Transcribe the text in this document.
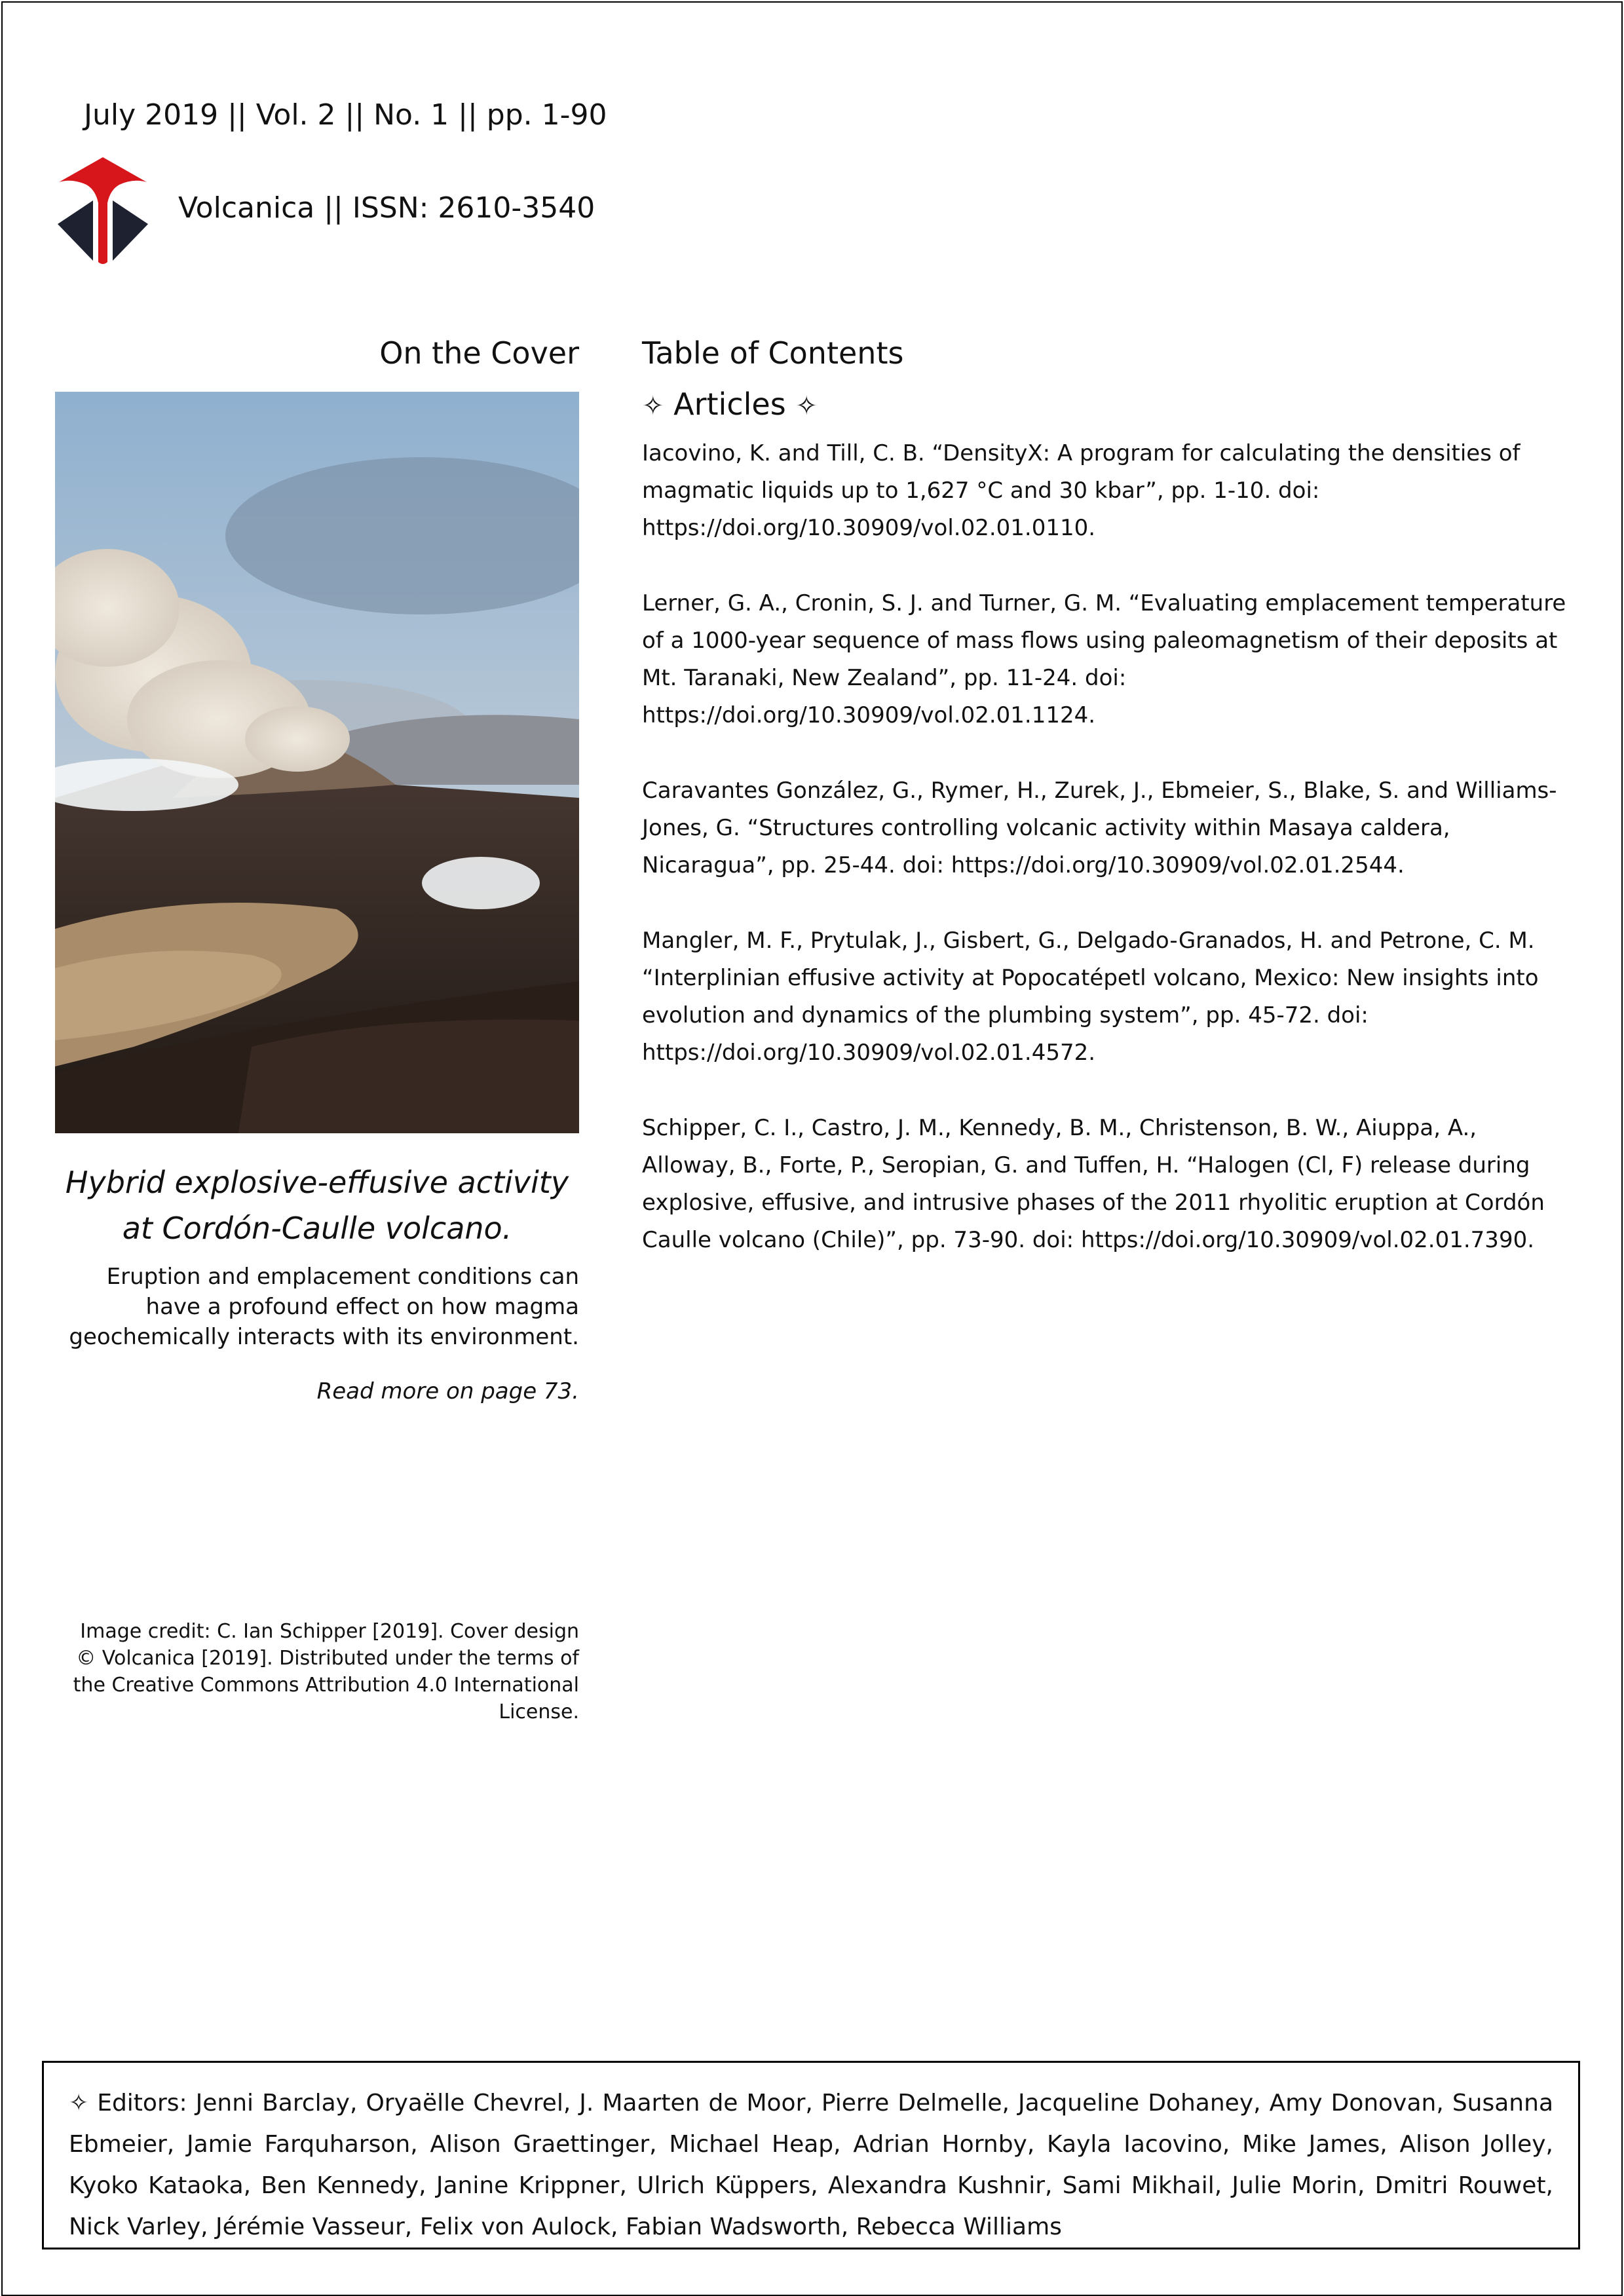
July 2019 || Vol. 2 || No. 1 || pp. 1-90
Volcanica || ISSN: 2610-3540
On the Cover
Hybrid explosive-effusive activity at Cordón-Caulle volcano.
Eruption and emplacement conditions can have a profound effect on how magma geochemically interacts with its environment.
Read more on page 73.
Image credit: C. Ian Schipper [2019]. Cover design © Volcanica [2019]. Distributed under the terms of the Creative Commons Attribution 4.0 International License.
Table of Contents
✧ Articles ✧

Iacovino, K. and Till, C. B. “DensityX: A program for calculating the densities of magmatic liquids up to 1,627 °C and 30 kbar”, pp. 1-10. doi: https://doi.org/10.30909/vol.02.01.0110.

Lerner, G. A., Cronin, S. J. and Turner, G. M. “Evaluating emplacement temperature of a 1000-year sequence of mass flows using paleomagnetism of their deposits at Mt. Taranaki, New Zealand”, pp. 11-24. doi: https://doi.org/10.30909/vol.02.01.1124.

Caravantes González, G., Rymer, H., Zurek, J., Ebmeier, S., Blake, S. and Williams-Jones, G. “Structures controlling volcanic activity within Masaya caldera, Nicaragua”, pp. 25-44. doi: https://doi.org/10.30909/vol.02.01.2544.

Mangler, M. F., Prytulak, J., Gisbert, G., Delgado-Granados, H. and Petrone, C. M. “Interplinian effusive activity at Popocatépetl volcano, Mexico: New insights into evolution and dynamics of the plumbing system”, pp. 45-72. doi: https://doi.org/10.30909/vol.02.01.4572.

Schipper, C. I., Castro, J. M., Kennedy, B. M., Christenson, B. W., Aiuppa, A., Alloway, B., Forte, P., Seropian, G. and Tuffen, H. “Halogen (Cl, F) release during explosive, effusive, and intrusive phases of the 2011 rhyolitic eruption at Cordón Caulle volcano (Chile)”, pp. 73-90. doi: https://doi.org/10.30909/vol.02.01.7390.

✧ Editors: Jenni Barclay, Oryaëlle Chevrel, J. Maarten de Moor, Pierre Delmelle, Jacqueline Dohaney, Amy Donovan, Susanna Ebmeier, Jamie Farquharson, Alison Graettinger, Michael Heap, Adrian Hornby, Kayla Iacovino, Mike James, Alison Jolley, Kyoko Kataoka, Ben Kennedy, Janine Krippner, Ulrich Küppers, Alexandra Kushnir, Sami Mikhail, Julie Morin, Dmitri Rouwet, Nick Varley, Jérémie Vasseur, Felix von Aulock, Fabian Wadsworth, Rebecca Williams
